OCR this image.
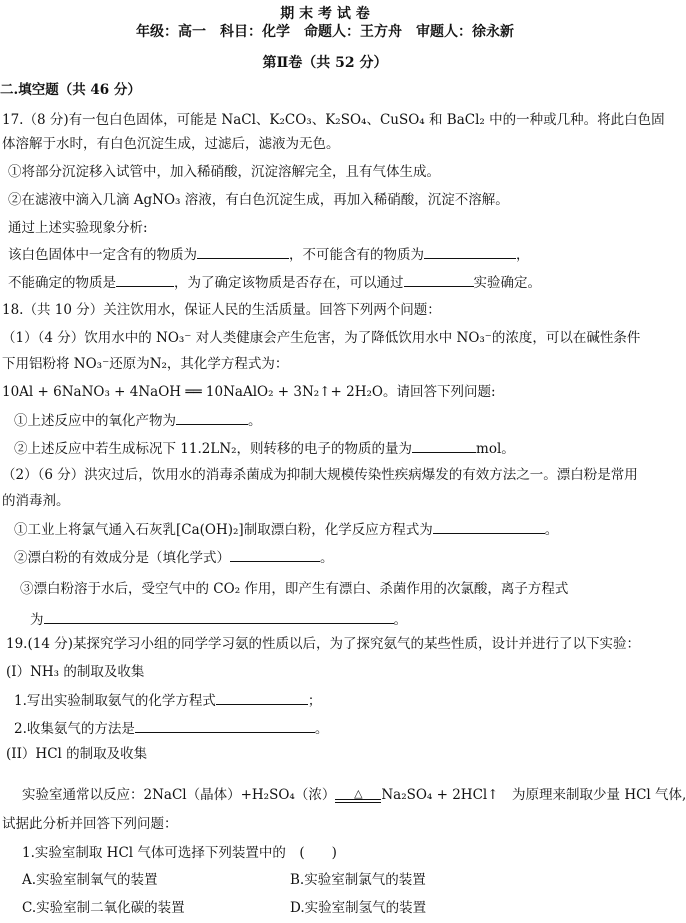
期 末 考 试 卷
年级：高一　科目：化学　命题人：王方舟　审题人：徐永新
第Ⅱ卷（共 52 分）
二.填空题（共 46 分）
17.（8 分)有一包白色固体，可能是 NaCl、K₂CO₃、K₂SO₄、CuSO₄ 和 BaCl₂ 中的一种或几种。将此白色固
体溶解于水时，有白色沉淀生成，过滤后，滤液为无色。
①将部分沉淀移入试管中，加入稀硝酸，沉淀溶解完全，且有气体生成。
②在滤液中滴入几滴 AgNO₃ 溶液，有白色沉淀生成，再加入稀硝酸，沉淀不溶解。
通过上述实验现象分析:
该白色固体中一定含有的物质为	，不可能含有的物质为	，
不能确定的物质是	，为了确定该物质是否存在，可以通过	实验确定。
18.（共 10 分）关注饮用水，保证人民的生活质量。回答下列两个问题：
（1）（4 分）饮用水中的 NO₃⁻ 对人类健康会产生危害，为了降低饮用水中 NO₃⁻的浓度，可以在碱性条件
下用铝粉将 NO₃⁻还原为N₂，其化学方程式为：
10Al + 6NaNO₃ + 4NaOH ══ 10NaAlO₂ + 3N₂↑+ 2H₂O。请回答下列问题:
①上述反应中的氧化产物为	。
②上述反应中若生成标况下 11.2LN₂，则转移的电子的物质的量为	mol。
（2）（6 分）洪灾过后，饮用水的消毒杀菌成为抑制大规模传染性疾病爆发的有效方法之一。漂白粉是常用
的消毒剂。
①工业上将氯气通入石灰乳[Ca(OH)₂]制取漂白粉，化学反应方程式为	。
②漂白粉的有效成分是（填化学式）	。
③漂白粉溶于水后，受空气中的 CO₂ 作用，即产生有漂白、杀菌作用的次氯酸，离子方程式
为	。
19.(14 分)某探究学习小组的同学学习氨的性质以后，为了探究氨气的某些性质，设计并进行了以下实验：
(Ⅰ）NH₃ 的制取及收集
1.写出实验制取氨气的化学方程式	；
2.收集氨气的方法是	。
(II）HCl 的制取及收集
实验室通常以反应：2NaCl（晶体）+H₂SO₄（浓）	△	Na₂SO₄ + 2HCl↑　为原理来制取少量 HCl 气体,
试据此分析并回答下列问题：
1.实验室制取 HCl 气体可选择下列装置中的　(　　)
A.实验室制氧气的装置	B.实验室制氯气的装置
C.实验室制二氧化碳的装置	D.实验室制氢气的装置
